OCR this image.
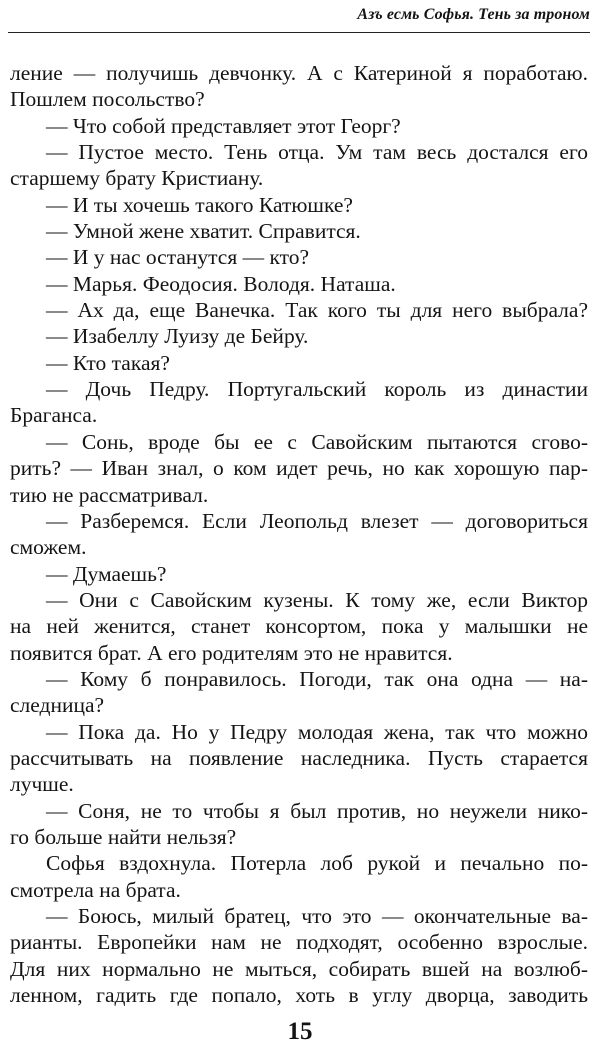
Азъ есмь Софья. Тень за троном
ление — получишь девчонку. А с Катериной я поработаю.
Пошлем посольство?
— Что собой представляет этот Георг?
— Пустое место. Тень отца. Ум там весь достался его
старшему брату Кристиану.
— И ты хочешь такого Катюшке?
— Умной жене хватит. Справится.
— И у нас останутся — кто?
— Марья. Феодосия. Володя. Наташа.
— Ах да, еще Ванечка. Так кого ты для него выбрала?
— Изабеллу Луизу де Бейру.
— Кто такая?
— Дочь Педру. Португальский король из династии
Браганса.
— Сонь, вроде бы ее с Савойским пытаются сгово-
рить? — Иван знал, о ком идет речь, но как хорошую пар-
тию не рассматривал.
— Разберемся. Если Леопольд влезет — договориться
сможем.
— Думаешь?
— Они с Савойским кузены. К тому же, если Виктор
на ней женится, станет консортом, пока у малышки не
появится брат. А его родителям это не нравится.
— Кому б понравилось. Погоди, так она одна — на-
следница?
— Пока да. Но у Педру молодая жена, так что можно
рассчитывать на появление наследника. Пусть старается
лучше.
— Соня, не то чтобы я был против, но неужели нико-
го больше найти нельзя?
Софья вздохнула. Потерла лоб рукой и печально по-
смотрела на брата.
— Боюсь, милый братец, что это — окончательные ва-
рианты. Европейки нам не подходят, особенно взрослые.
Для них нормально не мыться, собирать вшей на возлюб-
ленном, гадить где попало, хоть в углу дворца, заводить
15
